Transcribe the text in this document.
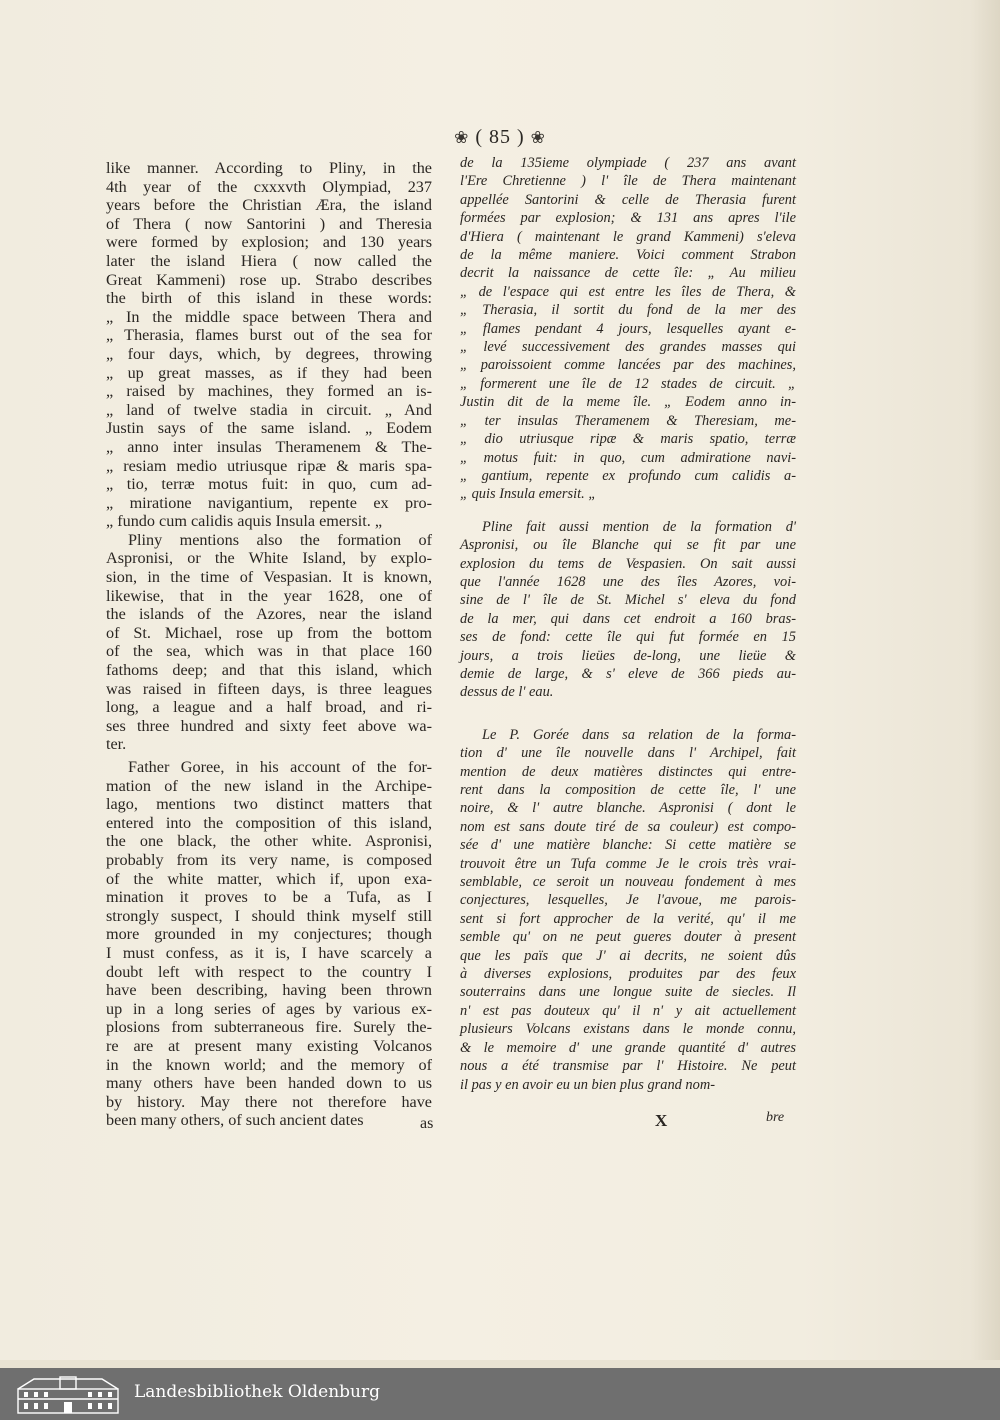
❀ ( 85 ) ❀
like manner. According to Pliny, in the
4th year of the cxxxvth Olympiad, 237
years before the Christian Æra, the island
of Thera ( now Santorini ) and Theresia
were formed by explosion; and 130 years
later the island Hiera ( now called the
Great Kammeni) rose up. Strabo describes
the birth of this island in these words:
„ In the middle space between Thera and
„ Therasia, flames burst out of the sea for
„ four days, which, by degrees, throwing
„ up great masses, as if they had been
„ raised by machines, they formed an is-
„ land of twelve stadia in circuit. „ And
Justin says of the same island. „ Eodem
„ anno inter insulas Theramenem & The-
„ resiam medio utriusque ripæ & maris spa-
„ tio, terræ motus fuit: in quo, cum ad-
„ miratione navigantium, repente ex pro-
„ fundo cum calidis aquis Insula emersit. „
Pliny mentions also the formation of
Aspronisi, or the White Island, by explo-
sion, in the time of Vespasian. It is known,
likewise, that in the year 1628, one of
the islands of the Azores, near the island
of St. Michael, rose up from the bottom
of the sea, which was in that place 160
fathoms deep; and that this island, which
was raised in fifteen days, is three leagues
long, a league and a half broad, and ri-
ses three hundred and sixty feet above wa-
ter.
Father Goree, in his account of the for-
mation of the new island in the Archipe-
lago, mentions two distinct matters that
entered into the composition of this island,
the one black, the other white. Aspronisi,
probably from its very name, is composed
of the white matter, which if, upon exa-
mination it proves to be a Tufa, as I
strongly suspect, I should think myself still
more grounded in my conjectures; though
I must confess, as it is, I have scarcely a
doubt left with respect to the country I
have been describing, having been thrown
up in a long series of ages by various ex-
plosions from subterraneous fire. Surely the-
re are at present many existing Volcanos
in the known world; and the memory of
many others have been handed down to us
by history. May there not therefore have
been many others, of such ancient dates	as
de la 135ieme olympiade ( 237 ans avant
l'Ere Chretienne ) l' île de Thera maintenant
appellée Santorini & celle de Therasia furent
formées par explosion; & 131 ans apres l'ile
d'Hiera ( maintenant le grand Kammeni) s'eleva
de la même maniere. Voici comment Strabon
decrit la naissance de cette île: „ Au milieu
„ de l'espace qui est entre les îles de Thera, &
„ Therasia, il sortit du fond de la mer des
„ flames pendant 4 jours, lesquelles ayant e-
„ levé successivement des grandes masses qui
„ paroissoient comme lancées par des machines,
„ formerent une île de 12 stades de circuit. „
Justin dit de la meme île. „ Eodem anno in-
„ ter insulas Theramenem & Theresiam, me-
„ dio utriusque ripæ & maris spatio, terræ
„ motus fuit: in quo, cum admiratione navi-
„ gantium, repente ex profundo cum calidis a-
„ quis Insula emersit. „
Pline fait aussi mention de la formation d'
Aspronisi, ou île Blanche qui se fit par une
explosion du tems de Vespasien. On sait aussi
que l'année 1628 une des îles Azores, voi-
sine de l' île de St. Michel s' eleva du fond
de la mer, qui dans cet endroit a 160 bras-
ses de fond: cette île qui fut formée en 15
jours, a trois lieües de-long, une lieüe &
demie de large, & s' eleve de 366 pieds au-
dessus de l' eau.
Le P. Gorée dans sa relation de la forma-
tion d' une île nouvelle dans l' Archipel, fait
mention de deux matières distinctes qui entre-
rent dans la composition de cette île, l' une
noire, & l' autre blanche. Aspronisi ( dont le
nom est sans doute tiré de sa couleur) est compo-
sée d' une matière blanche: Si cette matière se
trouvoit être un Tufa comme Je le crois très vrai-
semblable, ce seroit un nouveau fondement à mes
conjectures, lesquelles, Je l'avoue, me parois-
sent si fort approcher de la verité, qu' il me
semble qu' on ne peut gueres douter à present
que les païs que J' ai decrits, ne soient dûs
à diverses explosions, produites par des feux
souterrains dans une longue suite de siecles. Il
n' est pas douteux qu' il n' y ait actuellement
plusieurs Volcans existans dans le monde connu,
& le memoire d' une grande quantité d' autres
nous a été transmise par l' Histoire. Ne peut
il pas y en avoir eu un bien plus grand nom-
X	bre
Landesbibliothek Oldenburg
